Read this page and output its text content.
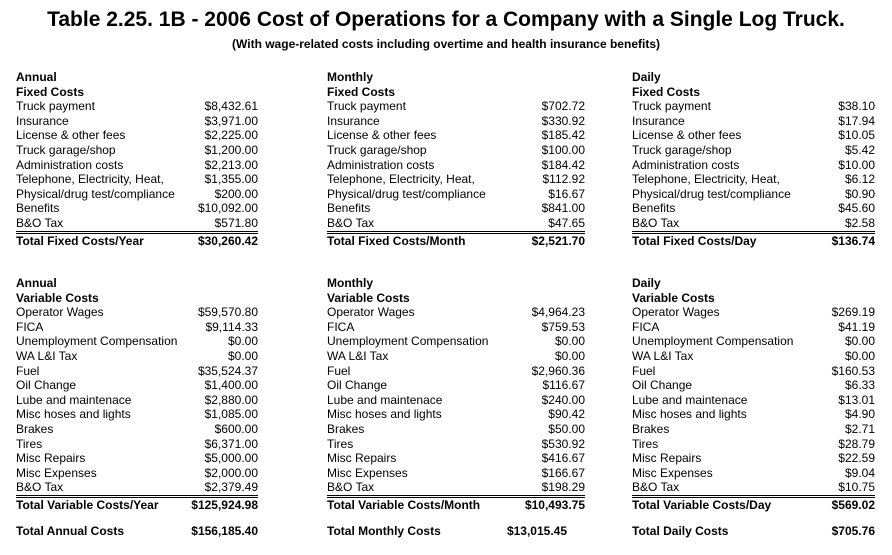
Table 2.25. 1B - 2006 Cost of Operations for a Company with a Single Log Truck.
(With wage-related costs including overtime and health insurance benefits)
Annual
Fixed Costs
Truck payment	$8,432.61
Insurance	$3,971.00
License & other fees	$2,225.00
Truck garage/shop	$1,200.00
Administration costs	$2,213.00
Telephone, Electricity, Heat,	$1,355.00
Physical/drug test/compliance	$200.00
Benefits	$10,092.00
B&O Tax	$571.80
Total Fixed Costs/Year	$30,260.42
Monthly
Fixed Costs
Truck payment	$702.72
Insurance	$330.92
License & other fees	$185.42
Truck garage/shop	$100.00
Administration costs	$184.42
Telephone, Electricity, Heat,	$112.92
Physical/drug test/compliance	$16.67
Benefits	$841.00
B&O Tax	$47.65
Total Fixed Costs/Month	$2,521.70
Daily
Fixed Costs
Truck payment	$38.10
Insurance	$17.94
License & other fees	$10.05
Truck garage/shop	$5.42
Administration costs	$10.00
Telephone, Electricity, Heat,	$6.12
Physical/drug test/compliance	$0.90
Benefits	$45.60
B&O Tax	$2.58
Total Fixed Costs/Day	$136.74
Annual
Variable Costs
Operator Wages	$59,570.80
FICA	$9,114.33
Unemployment Compensation	$0.00
WA L&I Tax	$0.00
Fuel	$35,524.37
Oil Change	$1,400.00
Lube and maintenace	$2,880.00
Misc hoses and lights	$1,085.00
Brakes	$600.00
Tires	$6,371.00
Misc Repairs	$5,000.00
Misc Expenses	$2,000.00
B&O Tax	$2,379.49
Total Variable Costs/Year	$125,924.98
Monthly
Variable Costs
Operator Wages	$4,964.23
FICA	$759.53
Unemployment Compensation	$0.00
WA L&I Tax	$0.00
Fuel	$2,960.36
Oil Change	$116.67
Lube and maintenace	$240.00
Misc hoses and lights	$90.42
Brakes	$50.00
Tires	$530.92
Misc Repairs	$416.67
Misc Expenses	$166.67
B&O Tax	$198.29
Total Variable Costs/Month	$10,493.75
Daily
Variable Costs
Operator Wages	$269.19
FICA	$41.19
Unemployment Compensation	$0.00
WA L&I Tax	$0.00
Fuel	$160.53
Oil Change	$6.33
Lube and maintenace	$13.01
Misc hoses and lights	$4.90
Brakes	$2.71
Tires	$28.79
Misc Repairs	$22.59
Misc Expenses	$9.04
B&O Tax	$10.75
Total Variable Costs/Day	$569.02
Total Annual Costs	$156,185.40	Total Monthly Costs	$13,015.45	Total Daily Costs	$705.76
